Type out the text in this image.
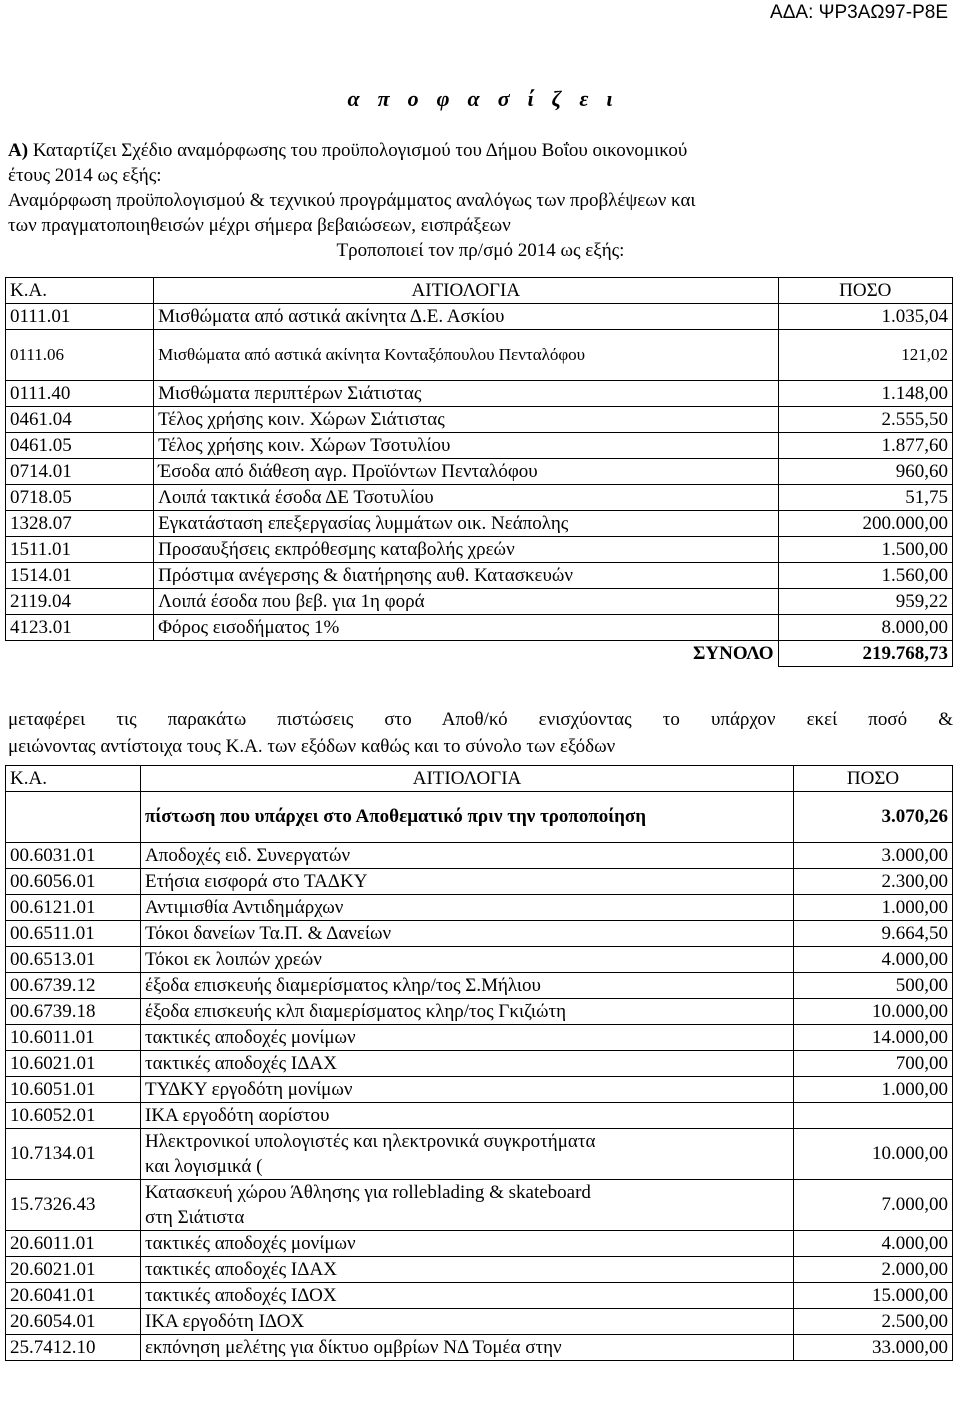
ΑΔΑ: ΨΡ3ΑΩ97-Ρ8Ε
α π ο φ α σ ί ζ ε ι
Α) Καταρτίζει Σχέδιο αναμόρφωσης του προϋπολογισμού του Δήμου Βοΐου οικονομικού
έτους 2014 ως εξής:
Αναμόρφωση προϋπολογισμού & τεχνικού προγράμματος αναλόγως των προβλέψεων και
των πραγματοποιηθεισών μέχρι σήμερα βεβαιώσεων, εισπράξεων
Τροποποιεί τον πρ/σμό 2014 ως εξής:
Κ.Α.	ΑΙΤΙΟΛΟΓΙΑ	ΠΟΣΟ
0111.01	Μισθώματα από αστικά ακίνητα Δ.Ε. Ασκίου	1.035,04
0111.06	Μισθώματα από αστικά ακίνητα Κονταξόπουλου Πενταλόφου	121,02
0111.40	Μισθώματα περιπτέρων Σιάτιστας	1.148,00
0461.04	Τέλος χρήσης κοιν. Χώρων Σιάτιστας	2.555,50
0461.05	Τέλος χρήσης κοιν. Χώρων Τσοτυλίου	1.877,60
0714.01	Έσοδα από διάθεση αγρ. Προϊόντων Πενταλόφου	960,60
0718.05	Λοιπά τακτικά έσοδα ΔΕ Τσοτυλίου	51,75
1328.07	Εγκατάσταση επεξεργασίας λυμμάτων οικ. Νεάπολης	200.000,00
1511.01	Προσαυξήσεις εκπρόθεσμης καταβολής χρεών	1.500,00
1514.01	Πρόστιμα ανέγερσης & διατήρησης αυθ. Κατασκευών	1.560,00
2119.04	Λοιπά έσοδα που βεβ. για 1η φορά	959,22
4123.01	Φόρος εισοδήματος 1%	8.000,00
	ΣΥΝΟΛΟ	219.768,73
μεταφέρει τις παρακάτω πιστώσεις στο Αποθ/κό ενισχύοντας το υπάρχον εκεί ποσό &
μειώνοντας αντίστοιχα τους Κ.Α. των εξόδων καθώς και το σύνολο των εξόδων
Κ.Α.	ΑΙΤΙΟΛΟΓΙΑ	ΠΟΣΟ

	πίστωση που υπάρχει στο Αποθεματικό πριν την τροποποίηση	3.070,26
00.6031.01	Αποδοχές ειδ. Συνεργατών	3.000,00
00.6056.01	Ετήσια εισφορά στο ΤΑΔΚΥ	2.300,00
00.6121.01	Αντιμισθία Αντιδημάρχων	1.000,00
00.6511.01	Τόκοι δανείων Τα.Π. & Δανείων	9.664,50
00.6513.01	Τόκοι εκ λοιπών χρεών	4.000,00
00.6739.12	έξοδα επισκευής διαμερίσματος κληρ/τος Σ.Μήλιου	500,00
00.6739.18	έξοδα επισκευής κλπ διαμερίσματος κληρ/τος Γκιζιώτη	10.000,00
10.6011.01	τακτικές αποδοχές μονίμων	14.000,00
10.6021.01	τακτικές αποδοχές ΙΔΑΧ	700,00
10.6051.01	ΤΥΔΚΥ εργοδότη μονίμων	1.000,00
10.6052.01	ΙΚΑ εργοδότη αορίστου	
10.7134.01	Ηλεκτρονικοί υπολογιστές και ηλεκτρονικά συγκροτήματα και λογισμικά (	10.000,00
15.7326.43	Κατασκευή χώρου Άθλησης για rolleblading & skateboard στη Σιάτιστα	7.000,00
20.6011.01	τακτικές αποδοχές μονίμων	4.000,00
20.6021.01	τακτικές αποδοχές ΙΔΑΧ	2.000,00
20.6041.01	τακτικές αποδοχές ΙΔΟΧ	15.000,00
20.6054.01	ΙΚΑ εργοδότη ΙΔΟΧ	2.500,00
25.7412.10	εκπόνηση μελέτης για δίκτυο ομβρίων ΝΔ Τομέα στην	33.000,00
